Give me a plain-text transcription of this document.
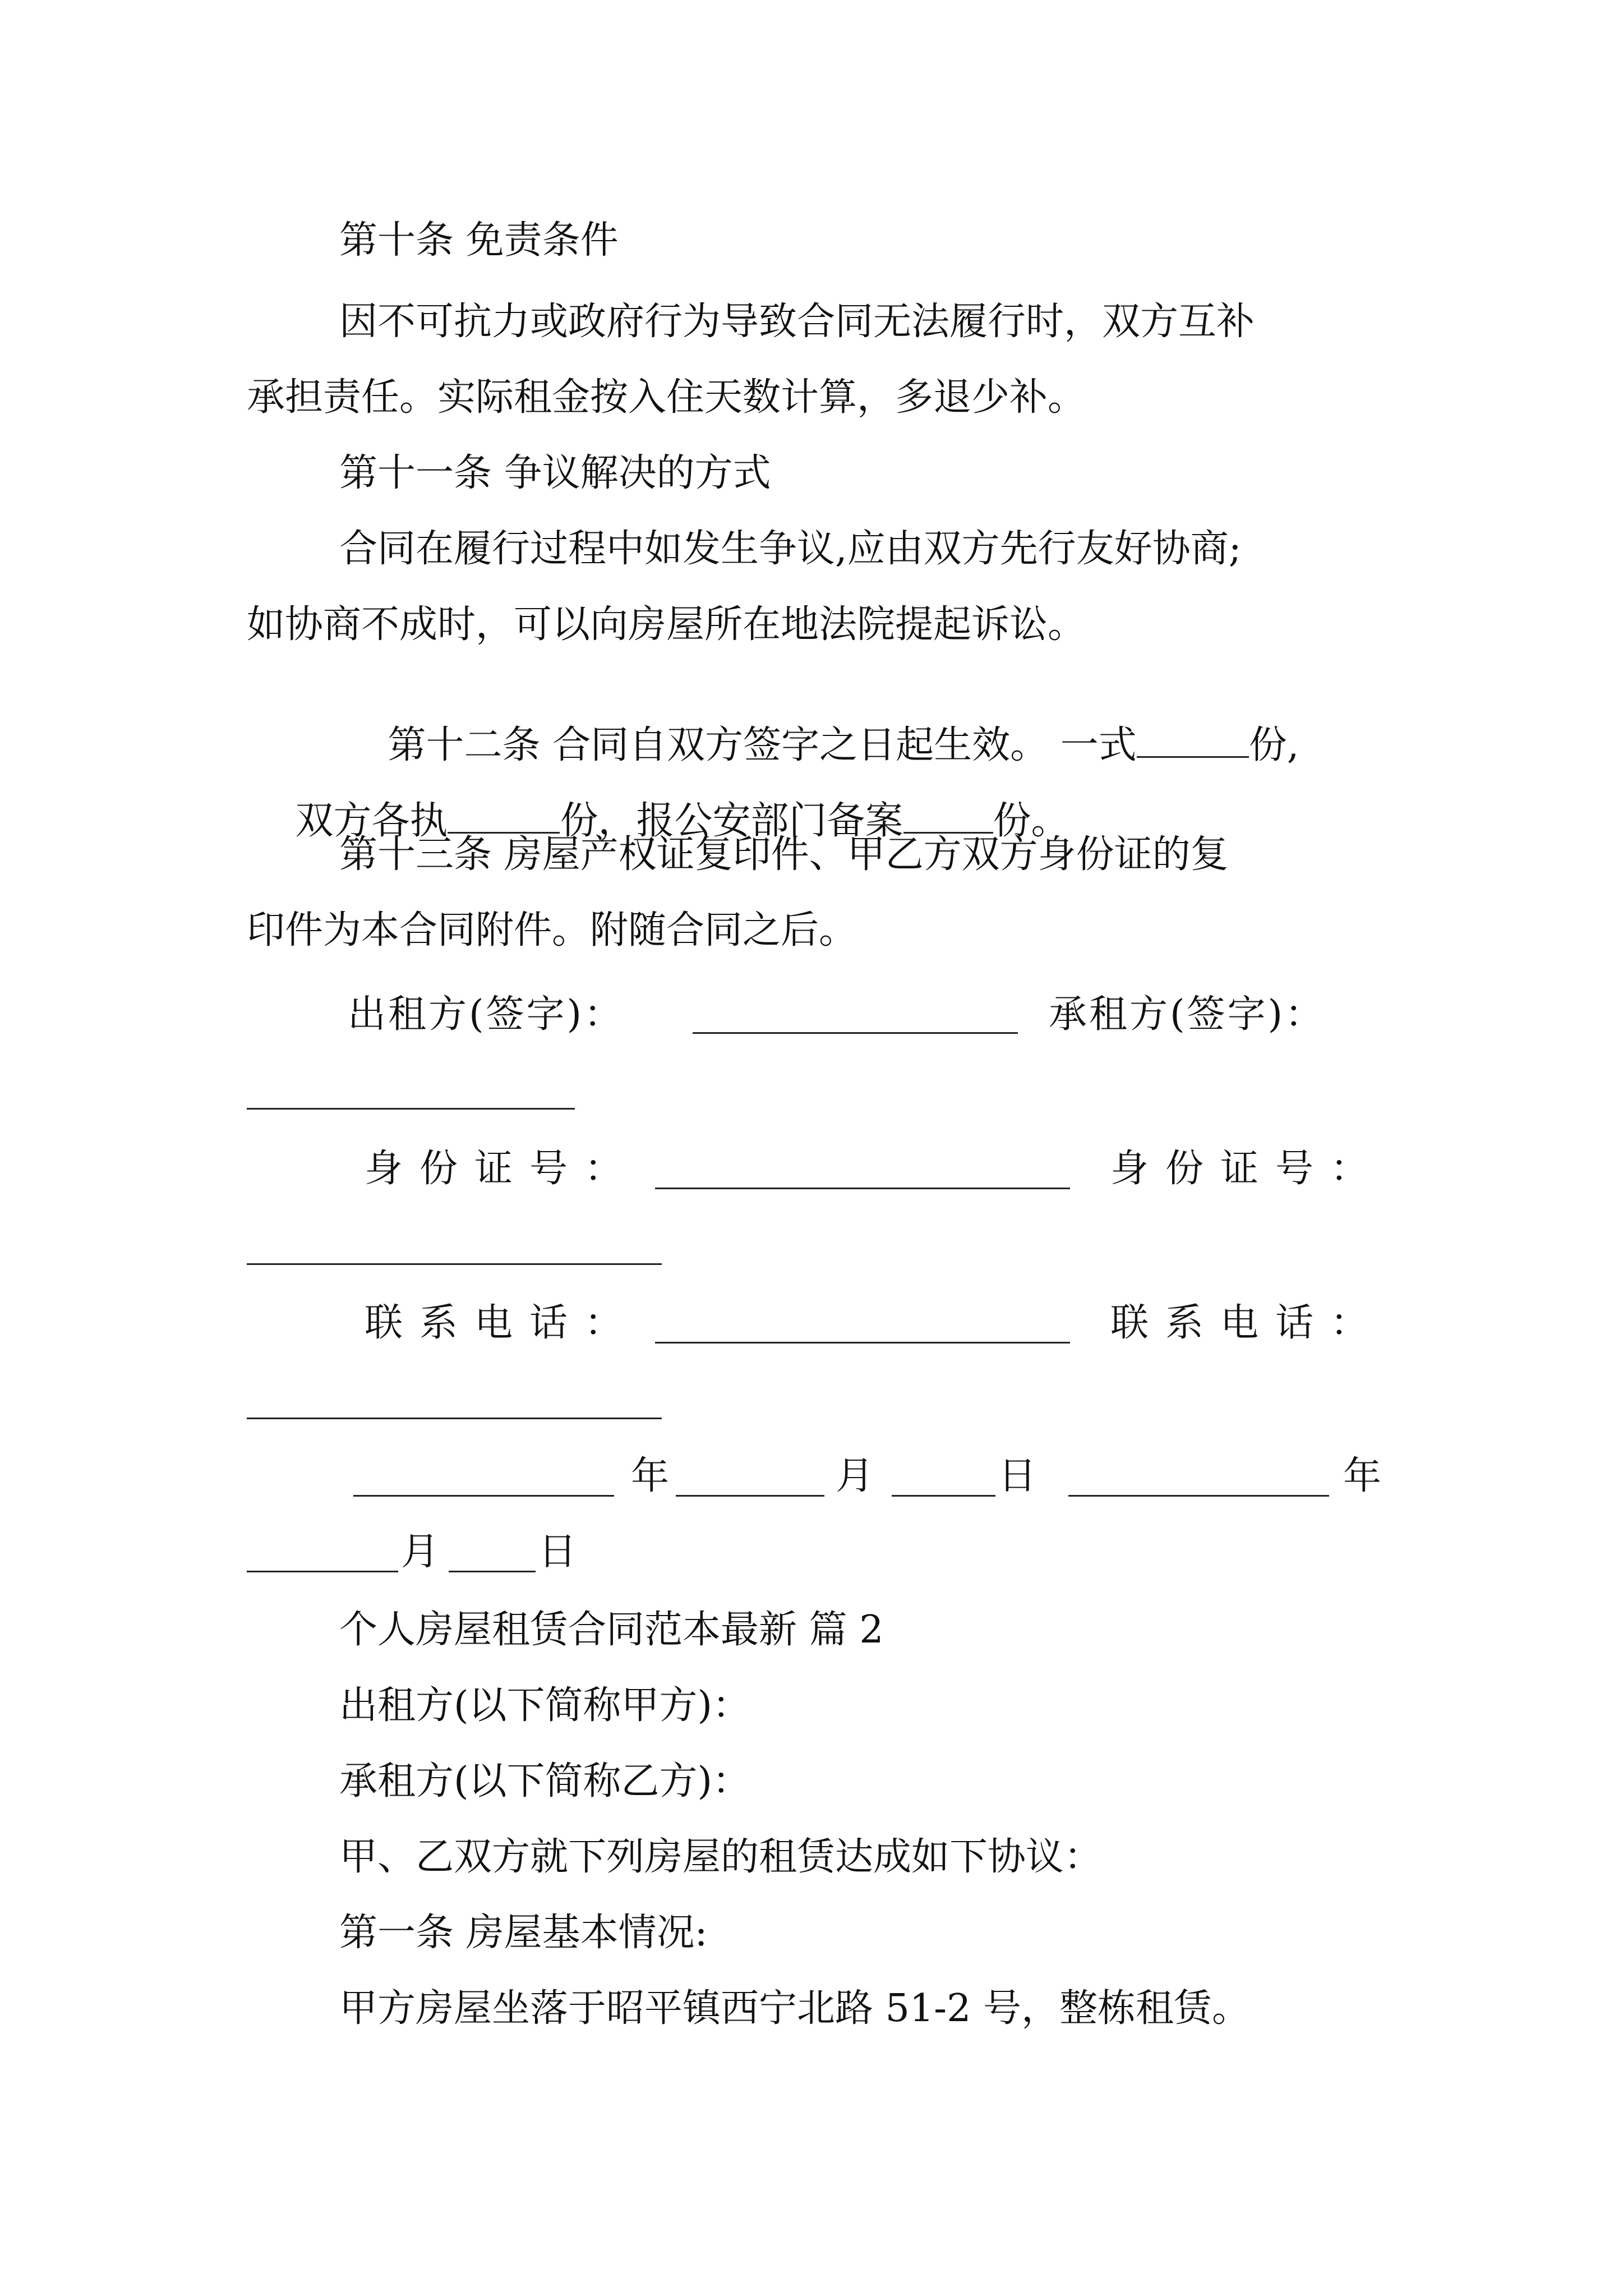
第十条 免责条件

因不可抗力或政府行为导致合同无法履行时，双方互补

承担责任。实际租金按入住天数计算，多退少补。

第十一条 争议解决的方式

合同在履行过程中如发生争议,应由双方先行友好协商;

如协商不成时，可以向房屋所在地法院提起诉讼。

第十二条 合同自双方签字之日起生效。 一式	份,

双方各执	份，报公安部门备案 份。

第十三条 房屋产权证复印件、甲乙方双方身份证的复

印件为本合同附件。附随合同之后。

出租方(签字)：	承租方(签字)：

身份证号：	身份证号：

联系电话：	联系电话：

年	月	日	年

月	日

个人房屋租赁合同范本最新 篇 2

出租方(以下简称甲方)：

承租方(以下简称乙方)：

甲、乙双方就下列房屋的租赁达成如下协议：

第一条 房屋基本情况:

甲方房屋坐落于昭平镇西宁北路 51-2 号，整栋租赁。
